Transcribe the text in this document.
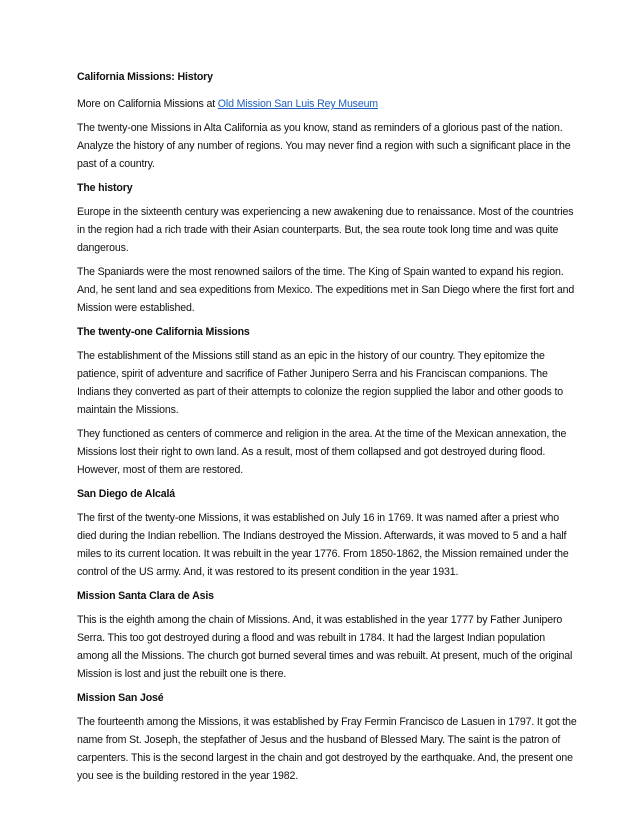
California Missions: History

More on California Missions at Old Mission San Luis Rey Museum

The twenty-one Missions in Alta California as you know, stand as reminders of a glorious past of the nation. Analyze the history of any number of regions. You may never find a region with such a significant place in the past of a country.

The history

Europe in the sixteenth century was experiencing a new awakening due to renaissance. Most of the countries in the region had a rich trade with their Asian counterparts. But, the sea route took long time and was quite dangerous.

The Spaniards were the most renowned sailors of the time. The King of Spain wanted to expand his region. And, he sent land and sea expeditions from Mexico. The expeditions met in San Diego where the first fort and Mission were established.

The twenty-one California Missions

The establishment of the Missions still stand as an epic in the history of our country. They epitomize the patience, spirit of adventure and sacrifice of Father Junipero Serra and his Franciscan companions. The Indians they converted as part of their attempts to colonize the region supplied the labor and other goods to maintain the Missions.

They functioned as centers of commerce and religion in the area. At the time of the Mexican annexation, the Missions lost their right to own land. As a result, most of them collapsed and got destroyed during flood. However, most of them are restored.

San Diego de Alcalá

The first of the twenty-one Missions, it was established on July 16 in 1769. It was named after a priest who died during the Indian rebellion. The Indians destroyed the Mission. Afterwards, it was moved to 5 and a half miles to its current location. It was rebuilt in the year 1776. From 1850-1862, the Mission remained under the control of the US army. And, it was restored to its present condition in the year 1931.

Mission Santa Clara de Asis

This is the eighth among the chain of Missions. And, it was established in the year 1777 by Father Junipero Serra. This too got destroyed during a flood and was rebuilt in 1784. It had the largest Indian population among all the Missions. The church got burned several times and was rebuilt. At present, much of the original Mission is lost and just the rebuilt one is there.

Mission San José

The fourteenth among the Missions, it was established by Fray Fermin Francisco de Lasuen in 1797. It got the name from St. Joseph, the stepfather of Jesus and the husband of Blessed Mary. The saint is the patron of carpenters. This is the second largest in the chain and got destroyed by the earthquake. And, the present one you see is the building restored in the year 1982.
